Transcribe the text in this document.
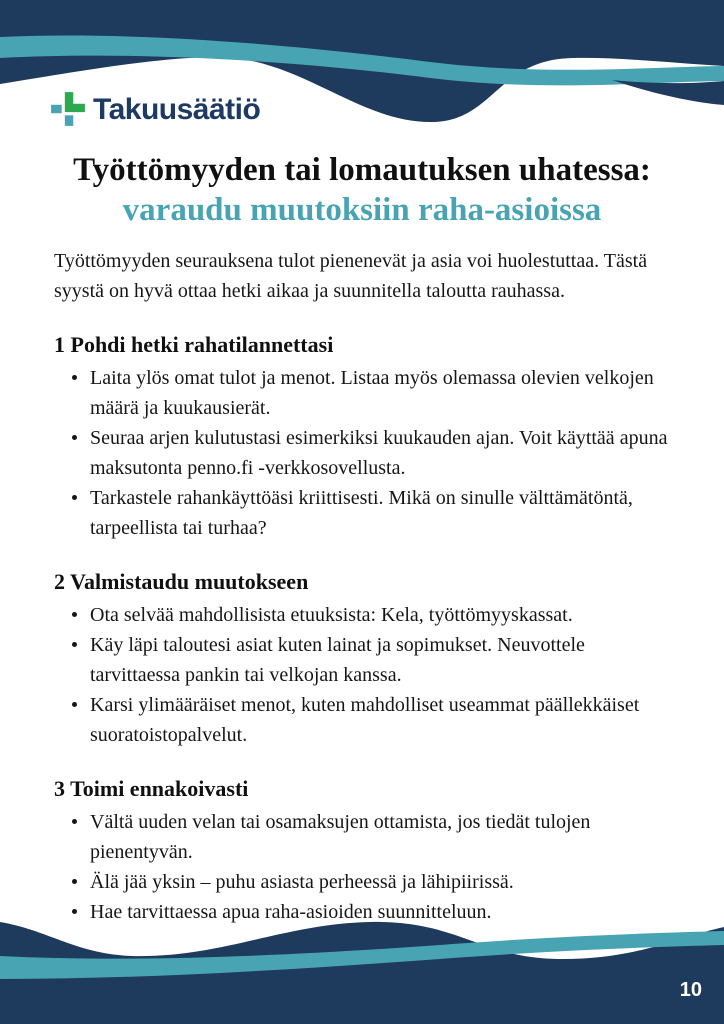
Takuusäätiö
Työttömyyden tai lomautuksen uhatessa:
varaudu muutoksiin raha-asioissa

Työttömyyden seurauksena tulot pienenevät ja asia voi huolestuttaa. Tästä syystä on hyvä ottaa hetki aikaa ja suunnitella taloutta rauhassa.

1 Pohdi hetki rahatilannettasi
Laita ylös omat tulot ja menot. Listaa myös olemassa olevien velkojen määrä ja kuukausierät.
Seuraa arjen kulutustasi esimerkiksi kuukauden ajan. Voit käyttää apuna maksutonta penno.fi -verkkosovellusta.
Tarkastele rahankäyttöäsi kriittisesti. Mikä on sinulle välttämätöntä, tarpeellista tai turhaa?
2 Valmistaudu muutokseen
Ota selvää mahdollisista etuuksista: Kela, työttömyyskassat.
Käy läpi taloutesi asiat kuten lainat ja sopimukset. Neuvottele tarvittaessa pankin tai velkojan kanssa.
Karsi ylimääräiset menot, kuten mahdolliset useammat päällekkäiset suoratoistopalvelut.
3 Toimi ennakoivasti
Vältä uuden velan tai osamaksujen ottamista, jos tiedät tulojen pienentyvän.
Älä jää yksin – puhu asiasta perheessä ja lähipiirissä.
Hae tarvittaessa apua raha-asioiden suunnitteluun.
10
